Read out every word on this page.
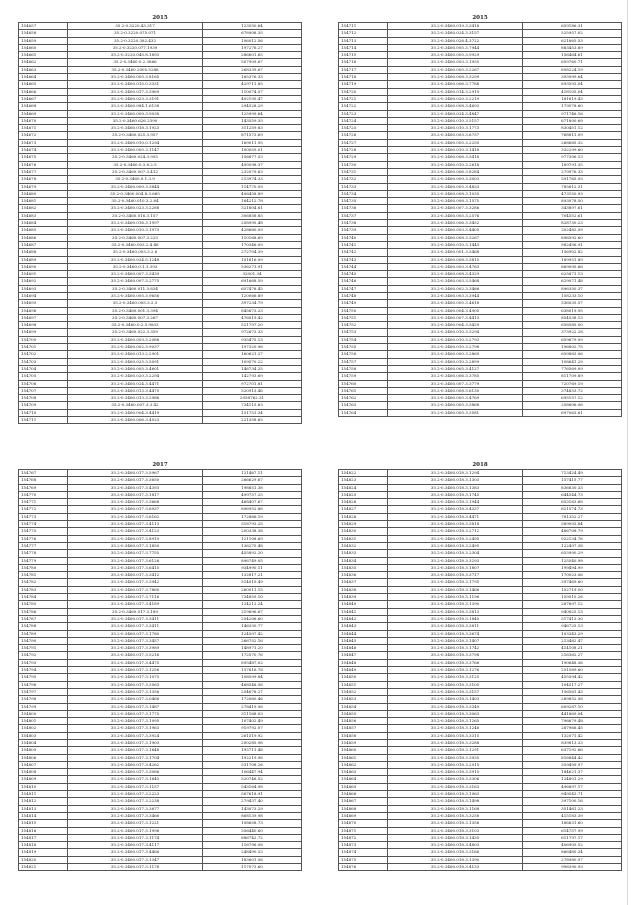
2015
154657	35.2-0.3220.43.317	123550.64
154658	35.2-0.3220.075.071	678908.35
154659	35.2-0.3220.382.432	106012.56
154660	35.2-0.3220.077.1939	197276.27
154661	35.2-0.3220.045.8.1893	286601.65
154662	35.2-0.3460.0.2.3866	507909.67
154663	35.2-0.3460.2005.5286	268339.67
154664	35.2-0.3460.005.3.8165	165376.33
154665	35.2-0.3460.015.0.3331	429711.85
154666	35.2-0.3460.017.3.3969	110074.57
154667	35.2-0.3460.023.3.3191	402195.47
154668	35.2-0.3460.084.1.6138	294528.29
154669	35.2-0.3460.009.3.9038	125999.64
154670	35.2-0.3460.626.2390	143559.35
154671	35.2-0.3460.018.3.1923	311259.83
154672	35.2-0.3460.025.3.957	871573.69
154673	35.2-0.3460.010.0.1294	169011.95
154674	35.2-0.3460.005.3.1147	100059.01
154675	35.2-0.3460.024.3.955	156877.53
154676	35.2-0.3460.0.3.8.2.5	499598.37
154677	35.2-0.3460.007.3.412	232079.63
154678	35.2-0.3460.0.1.3.9	213974.33
154679	35.2-0.3460.009.3.3844	114770.59
154680	35.2-0.3460.004.8.3.665	406458.89
154681	35.2-0.3460.010.3.2.64	164212.78
154682	35.2-0.3460.023.3.2288	321804.81
154683	35.2-0.3460.016.3.157	306858.85
154684	35.2-0.3460.016.3.1997	258995.48
154685	35.2-0.3460.010.3.1973	428660.09
154686	35.2-0.3460.007.3.225	110168.69
154687	35.2-0.3460.003.2.4.46	170346.09
154688	35.2-0.3460.003.3.2.6	272704.39
154689	35.2-0.3460.024.5.1248	101616.09
154690	35.2-0.3460.0.1.1.393	536271.91
154691	35.2-0.3460.007.3.3439	32001.34
154692	35.2-0.3460.007.3.2775	691668.59
154693	35.2-0.3460.011.3.834	657478.45
154694	35.2-0.3460.005.3.9656	120066.89
154695	35.2-0.3460.005.3.2.3	397234.79
154696	35.2-0.3460.001.3.394	845673.23
154697	35.2-0.3460.007.3.267	476019.42
154698	35.2-0.3460.0.2.3.9833	521797.20
154699	35.2-0.3460.022.3.359	972673.33
154700	35.2-0.3460.003.3.2088	935475.13
154701	35.2-0.3460.002.3.9037	197320.96
154702	35.2-0.3460.013.2.2901	160621.27
154703	35.2-0.3460.025.3.5091	109570.22
154704	35.2-0.3460.005.3.4601	146734.25
154705	35.2-0.3460.020.3.2294	142793.69
154706	35.2-0.3460.024.3.4471	972701.81
154707	35.2-0.3460.013.3.4475	520913.46
154708	35.2-0.3460.013.3.2986	2058762.31
154709	35.2-0.3460.007.3.3.42	734115.63
154710	35.2-0.3460.004.3.4419	151751.34
154711	35.2-0.3460.006.3.4523	221358.65
2015
154711	35.2-0.3460.019.3.3418	659186.31
154712	35.2-0.3460.024.3.3157	525957.02
154713	35.2-0.3460.026.4.3722	621865.53
154714	35.2-0.3460.005.3.7944	883453.69
154715	35.2-0.3460.005.3.9929	156464.61
154716	35.2-0.3460.003.3.1955	659760.71
154717	35.2-0.3460.005.3.2267	858224.19
154718	35.2-0.3460.008.3.3299	393999.64
154719	35.2-0.3460.006.3.7788	893593.04
154720	35.2-0.3460.014.3.2919	418105.04
154721	35.2-0.3460.020.3.2219	181619.43
154722	35.2-0.3460.008.3.4693	179578.60
154723	35.2-0.3460.024.3.4847	971746.16
154724	35.2-0.3460.010.3.5157	671800.69
154725	35.2-0.3460.010.3.1773	830451.12
154726	35.2-0.3460.003.3.6757	768811.09
154727	35.2-0.3460.005.3.2250	268685.32
154728	35.2-0.3460.010.3.1418	332299.60
154729	35.2-0.3460.006.3.3418	977306.13
154730	35.2-0.3460.010.3.2618	189791.35
154731	35.2-0.3460.006.3.8284	279976.33
154732	35.2-0.3460.009.3.3003	591765.93
154733	35.2-0.3460.005.3.4833	785612.31
154734	35.2-0.3460.008.3.1035	473150.93
154735	35.2-0.3460.008.3.1575	893078.50
154736	35.2-0.3460.007.3.3286	343897.61
154737	35.2-0.3460.005.3.2576	704552.61
154738	35.2-0.3460.006.3.3452	828730.23
154739	35.2-0.3460.003.3.4405	202482.59
154740	35.2-0.3460.008.3.3267	896592.60
154741	35.2-0.3460.010.3.1443	982456.91
154742	35.2-0.3460.001.3.3468	156902.82
154743	35.2-0.3460.008.3.3815	189951.89
154744	35.2-0.3460.003.3.4763	869095.66
154745	35.2-0.3460.008.3.4329	625871.13
154746	35.2-0.3460.003.3.5468	629071.48
154747	35.2-0.3460.002.3.3466	896350.37
154748	35.2-0.3460.003.3.3944	158233.10
154749	35.2-0.3460.005.3.4618	536035.57
154750	35.2-0.3460.004.3.4905	638019.95
154751	35.2-0.3460.007.3.4413	854538.13
154752	35.2-0.3460.004.3.3429	658585.00
154753	35.2-0.3460.010.3.3294	373922.28
154754	35.2-0.3460.010.3.2793	659679.09
154755	35.2-0.3460.010.3.2798	196802.75
154756	35.2-0.3460.000.3.2869	659883.06
154757	35.2-0.3460.010.3.2899	108641.29
154758	35.2-0.3460.005.3.4127	776569.09
154759	35.2-0.3460.006.3.3785	811709.89
154760	35.2-0.3460.007.3.3779	720769.19
154761	35.2-0.3460.008.3.6130	374853.72
154762	35.2-0.3460.005.3.4769	695157.12
154763	35.2-0.3460.005.3.3868	258606.06
154764	35.2-0.3460.005.3.3581	697063.61
2017
154767	35.2-0.3460.017.3.5967	121467.11
154768	35.2-0.3460.017.3.3650	266629.67
154769	35.2-0.3460.017.3.4393	198851.38
154770	35.2-0.3460.017.3.1817	499757.25
154771	35.2-0.3460.017.3.3668	468407.67
154772	35.2-0.3460.017.3.6937	896952.86
154773	35.2-0.3460.017.3.6162	172866.19
154774	35.2-0.3460.017.3.4113	518793.25
154775	35.2-0.3460.017.3.4123	200338.38
154776	35.2-0.3460.017.3.8919	121108.69
154777	35.2-0.3460.017.3.1850	136275.48
154778	35.2-0.3460.017.3.7755	455892.20
154779	35.2-0.3460.017.3.6126	896749.05
154780	35.2-0.3460.017.3.6415	934990.11
154781	35.2-0.3460.017.3.3412	132817.21
154782	35.2-0.3460.017.3.3942	514015.49
154783	35.2-0.3460.017.3.7860	260011.15
154784	35.2-0.3460.017.3.7116	734859.10
154785	35.2-0.3460.017.3.4189	124212.24
154786	35.2-0.3460.017.3.189	219696.67
154787	35.2-0.3460.017.3.3411	254206.60
154788	35.2-0.3460.017.3.3411	146330.77
154789	35.2-0.3460.017.3.1780	124597.42
154790	35.2-0.3460.017.3.3457	266752.16
154791	35.2-0.3460.017.3.3989	148971.20
154792	35.2-0.3460.017.3.5216	172570.76
154793	35.2-0.3460.017.3.4475	895487.02
154794	35.2-0.3460.017.3.1256	157616.78
154795	35.2-0.3460.017.3.1075	108599.84
154796	35.2-0.3460.017.3.3563	468546.56
154797	35.2-0.3460.017.3.1356	254678.27
154798	35.2-0.3460.017.3.0468	172060.46
154799	35.2-0.3460.017.3.1487	278419.56
154800	35.2-0.3460.017.3.1775	311168.03
154801	35.2-0.3460.017.3.1995	107402.49
154802	35.2-0.3460.017.3.1963	919792.07
154803	35.2-0.3460.017.3.3924	261519.92
154804	35.2-0.3460.017.3.1903	200285.98
154805	35.2-0.3460.017.3.1648	195711.48
154806	35.2-0.3460.017.3.1704	192219.98
154807	35.2-0.3460.017.3.4262	531708.26
154808	35.2-0.3460.017.3.3086	106447.94
154809	35.2-0.3460.017.3.1645	520746.52
154810	35.2-0.3460.017.3.1157	543164.98
154811	35.2-0.3460.017.3.2223	567618.91
154812	35.2-0.3460.017.3.2238	279437.40
154813	35.2-0.3460.017.3.3677	143073.29
154814	35.2-0.3460.017.3.3466	868139.98
154815	35.2-0.3460.017.3.1221	108658.73
154816	35.2-0.3460.017.3.1996	356440.60
154817	35.2-0.3460.017.3.1174	886742.72
154818	35.2-0.3460.017.3.4117	116796.08
154819	35.2-0.3460.017.3.4466	248490.53
154820	35.2-0.3460.017.3.1347	183601.56
154821	35.2-0.3460.017.3.1178	117073.60
2018
154822	35.2-0.3460.018.3.1294	713424.49
154823	35.2-0.3460.018.3.1303	157415.77
154824	35.2-0.3460.018.3.1383	836630.33
154825	35.2-0.3460.018.3.1745	644544.73
154826	35.2-0.3460.018.3.1944	653163.68
154827	35.2-0.3460.018.3.4337	821574.73
154828	35.2-0.3460.018.3.4471	781352.27
154829	35.2-0.3460.018.3.3818	589093.84
154830	35.2-0.3460.018.3.2712	486708.79
154831	35.2-0.3460.018.3.2495	922134.76
154832	35.2-0.3460.018.3.2495	122497.38
154833	35.2-0.3460.018.3.2304	653990.29
154834	35.2-0.3460.018.3.3293	125540.98
154835	35.2-0.3460.018.3.1807	199494.99
154836	35.2-0.3460.018.3.3717	170023.06
154837	35.2-0.3460.018.3.1795	397469.60
154838	35.2-0.3460.018.3.1466	152719.50
154839	35.2-0.3460.018.3.1196	159515.26
154840	35.2-0.3460.018.3.1390	287697.12
154841	35.2-0.3460.018.3.3813	940825.13
154842	35.2-0.3460.018.3.1840	517413.30
154843	35.2-0.3460.018.3.3811	946725.13
154844	35.2-0.3460.018.3.3674	103343.29
154845	35.2-0.3460.018.3.1407	213482.47
154846	35.2-0.3460.018.3.1742	414108.21
154847	35.2-0.3460.018.3.3798	216362.27
154848	35.2-0.3460.018.3.3766	190648.36
154849	35.2-0.3460.018.3.1276	251589.60
154850	35.2-0.3460.018.3.3125	455594.42
154851	35.2-0.3460.018.3.3105	104517.27
154852	35.2-0.3460.018.3.3157	156561.43
154853	35.2-0.3460.018.3.1403	289852.56
154854	35.2-0.3460.018.3.3349	609287.10
154855	35.2-0.3460.018.3.3063	441869.04
154856	35.2-0.3460.018.3.1265	796679.48
154857	35.2-0.3460.018.3.1246	267966.45
154858	35.2-0.3460.018.3.3315	132071.42
154859	35.2-0.3460.018.3.3288	839813.33
154860	35.2-0.3460.018.3.1291	637192.66
154861	35.2-0.3460.018.3.3935	816844.42
154862	35.2-0.3460.018.3.2915	359499.97
154863	35.2-0.3460.018.3.3915	184621.37
154864	35.2-0.3460.018.3.3306	124801.29
154865	35.2-0.3460.018.3.3163	496897.17
154866	35.2-0.3460.018.3.1963	949543.71
154867	35.2-0.3460.018.3.1498	397100.16
154868	35.2-0.3460.018.3.1168	351461.23
154869	35.2-0.3460.018.3.3258	415183.39
154870	35.2-0.3460.018.3.1356	186631.60
154871	35.2-0.3460.018.3.3103	614757.99
154872	35.2-0.3460.018.3.1435	611797.17
154873	35.2-0.3460.018.3.4803	406905.52
154874	35.2-0.3460.018.3.3166	866480.34
154875	35.2-0.3460.018.3.1390	278980.07
154876	35.2-0.3460.018.3.4133	998390.93
